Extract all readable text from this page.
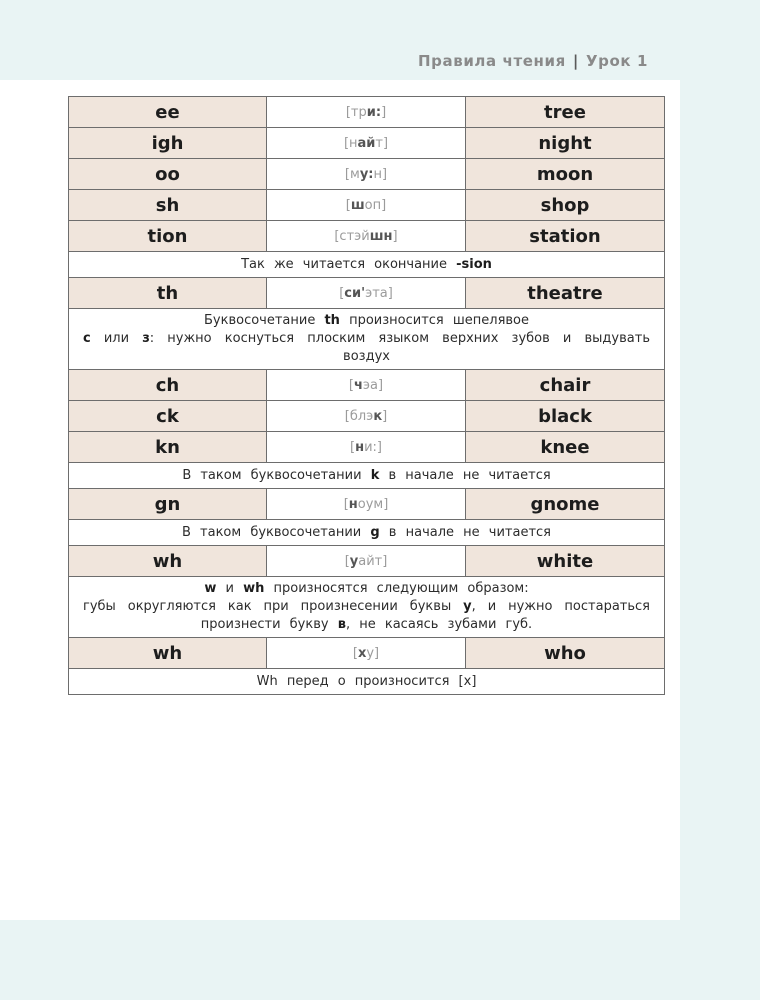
Правила чтения | Урок 1
ee	[три:]	tree
igh	[найт]	night
oo	[му:н]	moon
sh	[шоп]	shop
tion	[стэйшн]	station

Так же читается окончание -sion		

th	[си'эта]	theatre

Буквосочетание th произносится шепелявое
с или з: нужно коснуться плоским языком верхних зубов и выдувать
воздух		

ch	[чэа]	chair
ck	[блэк]	black
kn	[ни:]	knee

В таком буквосочетании k в начале не читается		

gn	[ноум]	gnome

В таком буквосочетании g в начале не читается		

wh	[уайт]	white

w и wh произносятся следующим образом:
губы округляются как при произнесении буквы у, и нужно постараться
произнести букву в, не касаясь зубами губ.		

wh	[ху]	who

Wh перед о произносится [x]		
